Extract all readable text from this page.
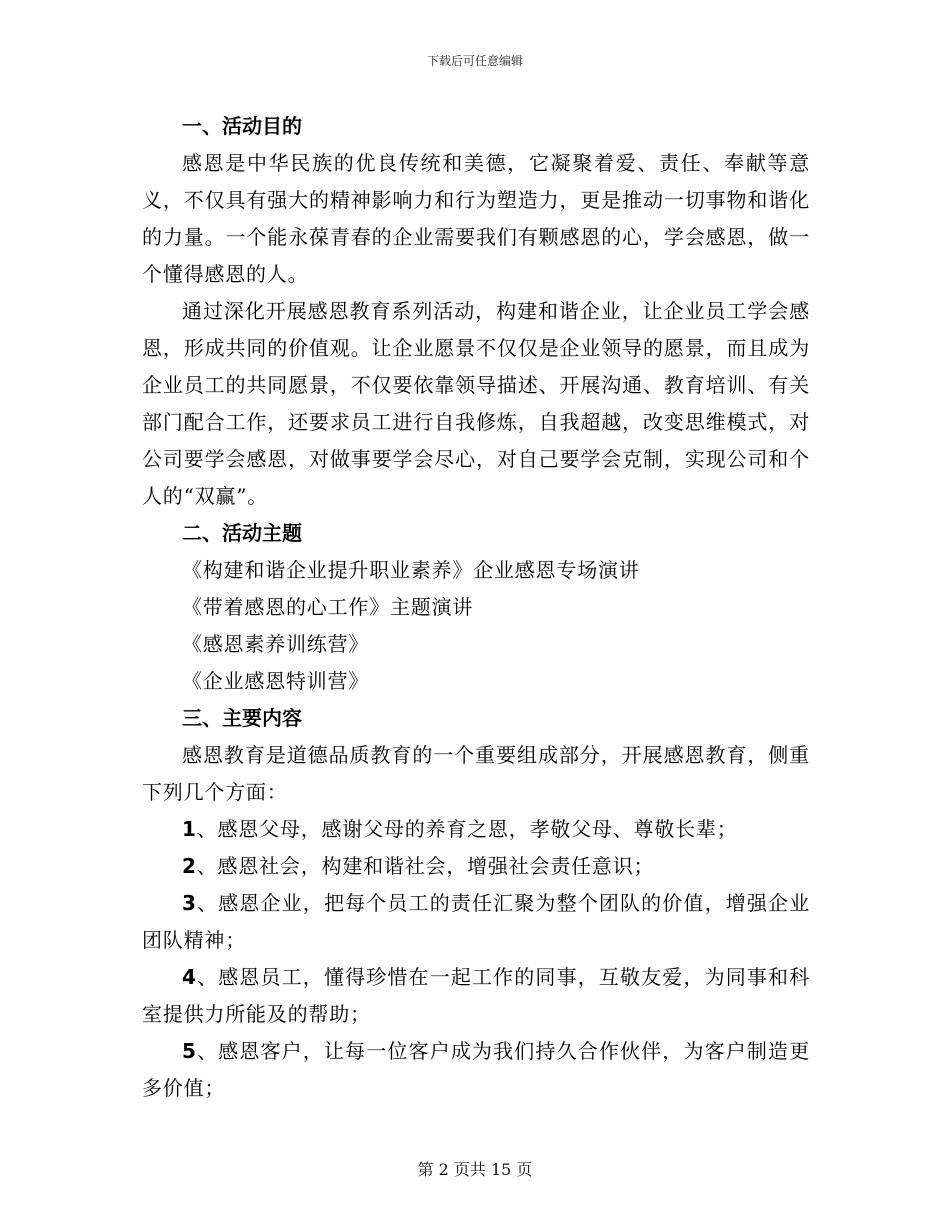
下载后可任意编辑

一、活动目的

感恩是中华民族的优良传统和美德，它凝聚着爱、责任、奉献等意义，不仅具有强大的精神影响力和行为塑造力，更是推动一切事物和谐化的力量。一个能永葆青春的企业需要我们有颗感恩的心，学会感恩，做一个懂得感恩的人。

通过深化开展感恩教育系列活动，构建和谐企业，让企业员工学会感恩，形成共同的价值观。让企业愿景不仅仅是企业领导的愿景，而且成为企业员工的共同愿景，不仅要依靠领导描述、开展沟通、教育培训、有关部门配合工作，还要求员工进行自我修炼，自我超越，改变思维模式，对公司要学会感恩，对做事要学会尽心，对自己要学会克制，实现公司和个人的“双赢”。

二、活动主题

《构建和谐企业提升职业素养》企业感恩专场演讲

《带着感恩的心工作》主题演讲

《感恩素养训练营》

《企业感恩特训营》

三、主要内容

感恩教育是道德品质教育的一个重要组成部分，开展感恩教育，侧重下列几个方面：

1、感恩父母，感谢父母的养育之恩，孝敬父母、尊敬长辈；

2、感恩社会，构建和谐社会，增强社会责任意识；

3、感恩企业，把每个员工的责任汇聚为整个团队的价值，增强企业团队精神；

4、感恩员工，懂得珍惜在一起工作的同事，互敬友爱，为同事和科室提供力所能及的帮助；

5、感恩客户，让每一位客户成为我们持久合作伙伴，为客户制造更多价值；

第 2 页共 15 页
